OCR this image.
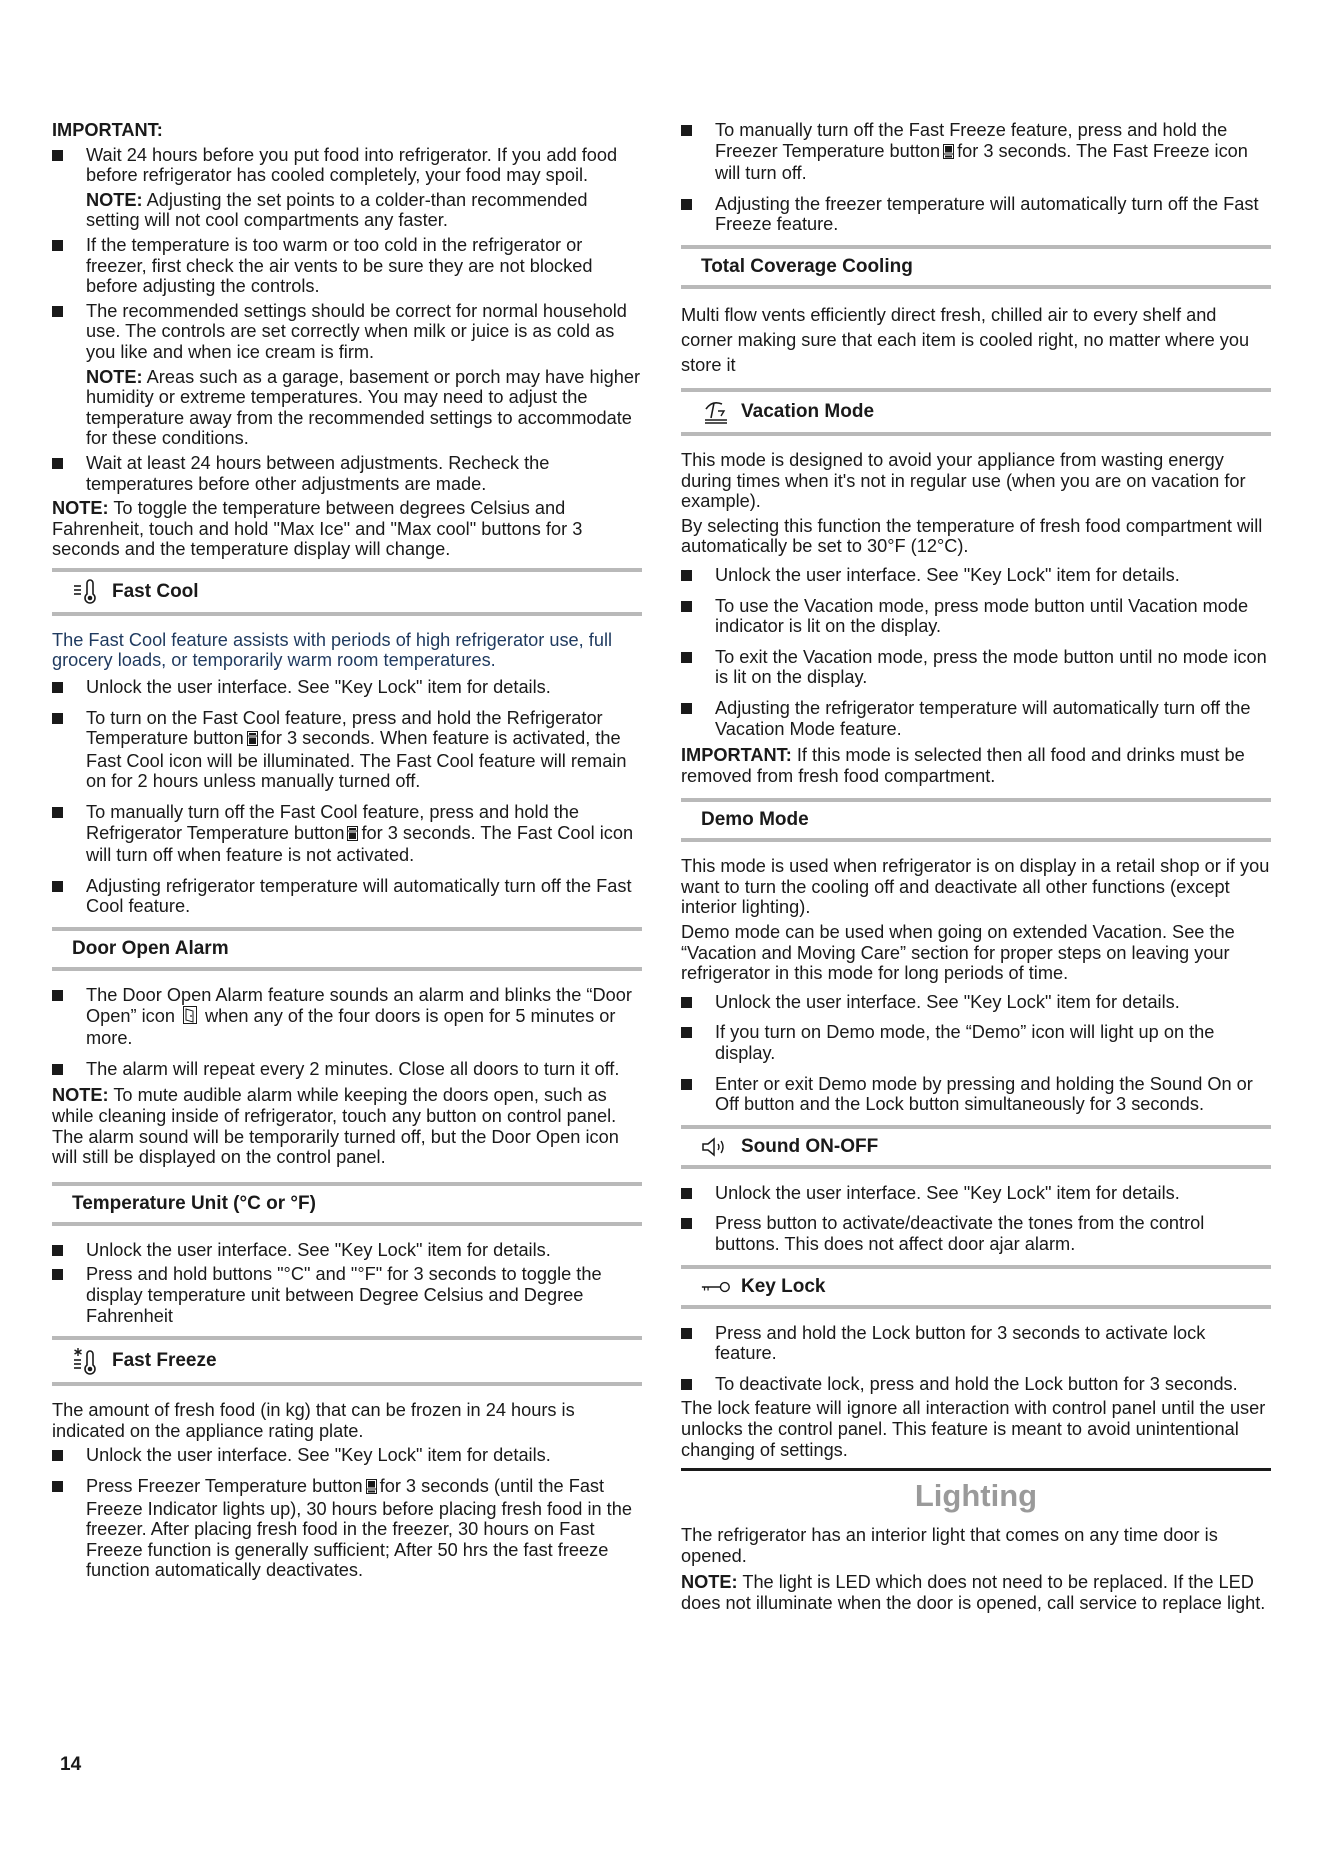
IMPORTANT:
Wait 24 hours before you put food into refrigerator. If you add food before refrigerator has cooled completely, your food may spoil.

NOTE: Adjusting the set points to a colder-than recommended setting will not cool compartments any faster.

If the temperature is too warm or too cold in the refrigerator or freezer, first check the air vents to be sure they are not blocked before adjusting the controls.
The recommended settings should be correct for normal household use. The controls are set correctly when milk or juice is as cold as you like and when ice cream is firm.

NOTE: Areas such as a garage, basement or porch may have higher humidity or extreme temperatures. You may need to adjust the temperature away from the recommended settings to accommodate for these conditions.

Wait at least 24 hours between adjustments. Recheck the temperatures before other adjustments are made.

NOTE: To toggle the temperature between degrees Celsius and Fahrenheit, touch and hold "Max Ice" and "Max cool" buttons for 3 seconds and the temperature display will change.

Fast Cool

The Fast Cool feature assists with periods of high refrigerator use, full grocery loads, or temporarily warm room temperatures.

Unlock the user interface. See "Key Lock" item for details.
To turn on the Fast Cool feature, press and hold the Refrigerator Temperature button for 3 seconds. When feature is activated, the Fast Cool icon will be illuminated. The Fast Cool feature will remain on for 2 hours unless manually turned off.
To manually turn off the Fast Cool feature, press and hold the Refrigerator Temperature button for 3 seconds. The Fast Cool icon will turn off when feature is not activated.
Adjusting refrigerator temperature will automatically turn off the Fast Cool feature.
Door Open Alarm
The Door Open Alarm feature sounds an alarm and blinks the “Door Open” icon when any of the four doors is open for 5 minutes or more.
The alarm will repeat every 2 minutes. Close all doors to turn it off.

NOTE: To mute audible alarm while keeping the doors open, such as while cleaning inside of refrigerator, touch any button on control panel. The alarm sound will be temporarily turned off, but the Door Open icon will still be displayed on the control panel.

Temperature Unit (°C or °F)
Unlock the user interface. See "Key Lock" item for details.
Press and hold buttons "°C" and "°F" for 3 seconds to toggle the display temperature unit between Degree Celsius and Degree Fahrenheit
Fast Freeze

The amount of fresh food (in kg) that can be frozen in 24 hours is indicated on the appliance rating plate.

Unlock the user interface. See "Key Lock" item for details.
Press Freezer Temperature button for 3 seconds (until the Fast Freeze Indicator lights up), 30 hours before placing fresh food in the freezer. After placing fresh food in the freezer, 30 hours on Fast Freeze function is generally sufficient; After 50 hrs the fast freeze function automatically deactivates.
To manually turn off the Fast Freeze feature, press and hold the Freezer Temperature button for 3 seconds. The Fast Freeze icon will turn off.
Adjusting the freezer temperature will automatically turn off the Fast Freeze feature.
Total Coverage Cooling

Multi flow vents efficiently direct fresh, chilled air to every shelf and corner making sure that each item is cooled right, no matter where you store it

Vacation Mode

This mode is designed to avoid your appliance from wasting energy during times when it's not in regular use (when you are on vacation for example).

By selecting this function the temperature of fresh food compartment will automatically be set to 30°F (12°C).

Unlock the user interface. See "Key Lock" item for details.
To use the Vacation mode, press mode button until Vacation mode indicator is lit on the display.
To exit the Vacation mode, press the mode button until no mode icon is lit on the display.
Adjusting the refrigerator temperature will automatically turn off the Vacation Mode feature.

IMPORTANT: If this mode is selected then all food and drinks must be removed from fresh food compartment.

Demo Mode

This mode is used when refrigerator is on display in a retail shop or if you want to turn the cooling off and deactivate all other functions (except interior lighting).

Demo mode can be used when going on extended Vacation. See the “Vacation and Moving Care” section for proper steps on leaving your refrigerator in this mode for long periods of time.

Unlock the user interface. See "Key Lock" item for details.
If you turn on Demo mode, the “Demo” icon will light up on the display.
Enter or exit Demo mode by pressing and holding the Sound On or Off button and the Lock button simultaneously for 3 seconds.
Sound ON-OFF
Unlock the user interface. See "Key Lock" item for details.
Press button to activate/deactivate the tones from the control buttons. This does not affect door ajar alarm.
Key Lock
Press and hold the Lock button for 3 seconds to activate lock feature.
To deactivate lock, press and hold the Lock button for 3 seconds.

The lock feature will ignore all interaction with control panel until the user unlocks the control panel. This feature is meant to avoid unintentional changing of settings.

Lighting

The refrigerator has an interior light that comes on any time door is opened.

NOTE: The light is LED which does not need to be replaced. If the LED does not illuminate when the door is opened, call service to replace light.

14
